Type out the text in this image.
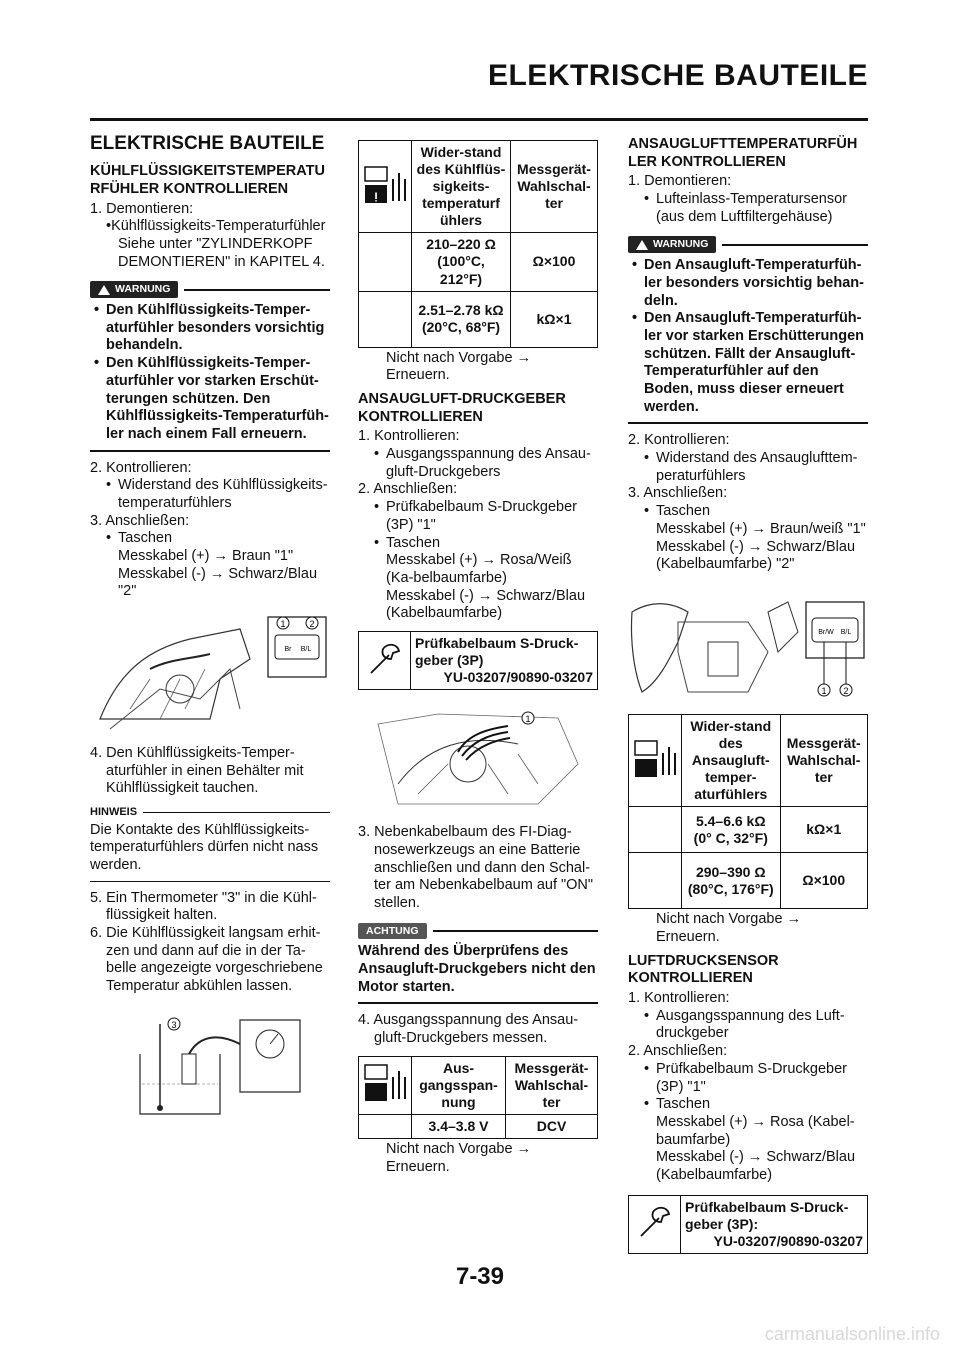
ELEKTRISCHE BAUTEILE
ELEKTRISCHE BAUTEILE
KÜHLFLÜSSIGKEITSTEMPERATU RFÜHLER KONTROLLIEREN
1. Demontieren:
•Kühlflüssigkeits-Temperaturfühler
Siehe unter "ZYLINDERKOPF DEMONTIEREN" in KAPITEL 4.
WARNUNG
• Den Kühlflüssigkeits-Temper-aturfühler besonders vorsichtig behandeln.
• Den Kühlflüssigkeits-Temper-aturfühler vor starken Erschüt-terungen schützen. Den Kühlflüssigkeits-Temperaturfüh-ler nach einem Fall erneuern.
2. Kontrollieren:
• Widerstand des Kühlflüssigkeits-temperaturfühlers
3. Anschließen:
• Taschen
Messkabel (+) → Braun "1"
Messkabel (-) → Schwarz/Blau "2"
1	2
Br B/L
4. Den Kühlflüssigkeits-Temper-aturfühler in einen Behälter mit Kühlflüssigkeit tauchen.
HINWEIS
Die Kontakte des Kühlflüssigkeits-temperaturfühlers dürfen nicht nass werden.
5. Ein Thermometer "3" in die Kühl-flüssigkeit halten.
6. Die Kühlflüssigkeit langsam erhit-zen und dann auf die in der Ta-belle angezeigte vorgeschriebene Temperatur abkühlen lassen.
3
ᴉ	Wider-stand des Kühlflüs-sigkeits-temperaturf ühlers	Messgerät-Wahlschal-ter
	210–220 Ω (100°C, 212°F)	Ω×100
	2.51–2.78 kΩ (20°C, 68°F)	kΩ×1
Nicht nach Vorgabe → Erneuern.
ANSAUGLUFT-DRUCKGEBER KONTROLLIEREN
1. Kontrollieren:
• Ausgangsspannung des Ansau-gluft-Druckgebers
2. Anschließen:
• Prüfkabelbaum S-Druckgeber (3P) "1"
• Taschen
Messkabel (+) → Rosa/Weiß (Ka-belbaumfarbe)
Messkabel (-) → Schwarz/Blau (Kabelbaumfarbe)

Prüfkabelbaum S-Druck-geber (3P)
YU-03207/90890-03207
1
3. Nebenkabelbaum des FI-Diag-nosewerkzeugs an eine Batterie anschließen und dann den Schal-ter am Nebenkabelbaum auf "ON" stellen.
ACHTUNG
Während des Überprüfens des Ansaugluft-Druckgebers nicht den Motor starten.
4. Ausgangsspannung des Ansau-gluft-Druckgebers messen.
	Aus-gangsspan-nung	Messgerät-Wahlschal-ter
	3.4–3.8 V	DCV
Nicht nach Vorgabe → Erneuern.
ANSAUGLUFTTEMPERATURFÜH LER KONTROLLIEREN
1. Demontieren:
• Lufteinlass-Temperatursensor (aus dem Luftfiltergehäuse)
WARNUNG
• Den Ansaugluft-Temperaturfüh-ler besonders vorsichtig behan-deln.
• Den Ansaugluft-Temperaturfüh-ler vor starken Erschütterungen schützen. Fällt der Ansaugluft-Temperaturfühler auf den Boden, muss dieser erneuert werden.
2. Kontrollieren:
• Widerstand des Ansauglufttem-peraturfühlers
3. Anschließen:
• Taschen
Messkabel (+) → Braun/weiß "1"
Messkabel (-) → Schwarz/Blau (Kabelbaumfarbe) "2"
Br/W B/L
1 2
	Wider-stand des Ansaugluft-temper-aturfühlers	Messgerät-Wahlschal-ter
	5.4–6.6 kΩ (0° C, 32°F)	kΩ×1
	290–390 Ω (80°C, 176°F)	Ω×100
Nicht nach Vorgabe → Erneuern.
LUFTDRUCKSENSOR KONTROLLIEREN
1. Kontrollieren:
• Ausgangsspannung des Luft-druckgeber
2. Anschließen:
• Prüfkabelbaum S-Druckgeber (3P) "1"
• Taschen
Messkabel (+) → Rosa (Kabel-baumfarbe)
Messkabel (-) → Schwarz/Blau (Kabelbaumfarbe)

Prüfkabelbaum S-Druck-geber (3P):
YU-03207/90890-03207
7-39
carmanualsonline.info
